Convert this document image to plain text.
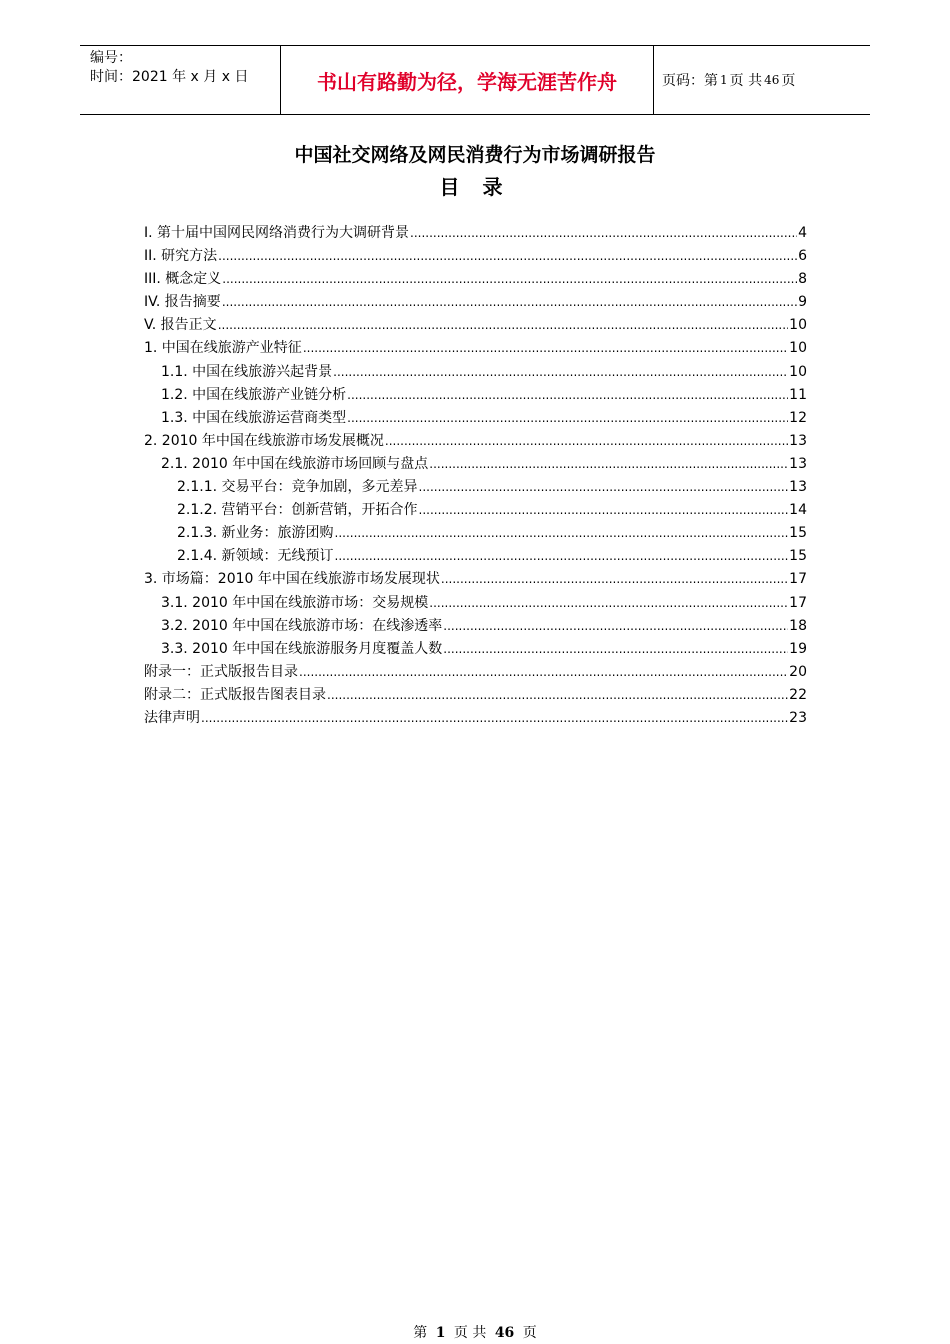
编号：
时间：2021 年 x 月 x 日	书山有路勤为径，学海无涯苦作舟	页码：第 1 页 共 46 页
中国社交网络及网民消费行为市场调研报告
目 录
I. 第十届中国网民网络消费行为大调研背景 .....	4
II. 研究方法 .....	6
III. 概念定义 .....	8
IV. 报告摘要 .....	9
V. 报告正文 .....	10
1. 中国在线旅游产业特征 .....	10
1.1. 中国在线旅游兴起背景 .....	10
1.2. 中国在线旅游产业链分析 .....	11
1.3. 中国在线旅游运营商类型 .....	12
2. 2010 年中国在线旅游市场发展概况 .....	13
2.1. 2010 年中国在线旅游市场回顾与盘点 .....	13
2.1.1. 交易平台：竞争加剧，多元差异 .....	13
2.1.2. 营销平台：创新营销，开拓合作 .....	14
2.1.3. 新业务：旅游团购 .....	15
2.1.4. 新领域：无线预订 .....	15
3. 市场篇：2010 年中国在线旅游市场发展现状 .....	17
3.1. 2010 年中国在线旅游市场：交易规模 .....	17
3.2. 2010 年中国在线旅游市场：在线渗透率 .....	18
3.3. 2010 年中国在线旅游服务月度覆盖人数 .....	19
附录一：正式版报告目录 .....	20
附录二：正式版报告图表目录 .....	22
法律声明 .....	23
第 1 页 共 46 页
